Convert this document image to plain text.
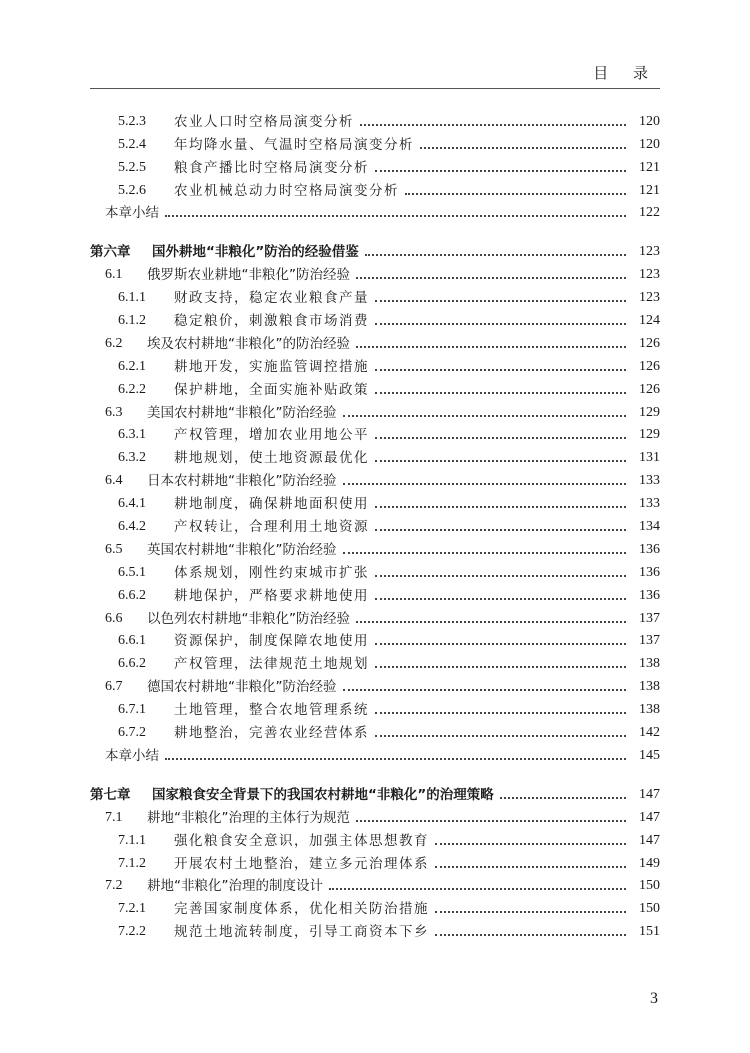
目 录
5.2.3	农业人口时空格局演变分析	120
5.2.4	年均降水量、气温时空格局演变分析	120
5.2.5	粮食产播比时空格局演变分析	121
5.2.6	农业机械总动力时空格局演变分析	121
本章小结	122
第六章	国外耕地“非粮化”防治的经验借鉴	123
6.1	俄罗斯农业耕地“非粮化”防治经验	123
6.1.1	财政支持，稳定农业粮食产量	123
6.1.2	稳定粮价，刺激粮食市场消费	124
6.2	埃及农村耕地“非粮化”的防治经验	126
6.2.1	耕地开发，实施监管调控措施	126
6.2.2	保护耕地，全面实施补贴政策	126
6.3	美国农村耕地“非粮化”防治经验	129
6.3.1	产权管理，增加农业用地公平	129
6.3.2	耕地规划，使土地资源最优化	131
6.4	日本农村耕地“非粮化”防治经验	133
6.4.1	耕地制度，确保耕地面积使用	133
6.4.2	产权转让，合理利用土地资源	134
6.5	英国农村耕地“非粮化”防治经验	136
6.5.1	体系规划，刚性约束城市扩张	136
6.6.2	耕地保护，严格要求耕地使用	136
6.6	以色列农村耕地“非粮化”防治经验	137
6.6.1	资源保护，制度保障农地使用	137
6.6.2	产权管理，法律规范土地规划	138
6.7	德国农村耕地“非粮化”防治经验	138
6.7.1	土地管理，整合农地管理系统	138
6.7.2	耕地整治，完善农业经营体系	142
本章小结	145
第七章	国家粮食安全背景下的我国农村耕地“非粮化”的治理策略	147
7.1	耕地“非粮化”治理的主体行为规范	147
7.1.1	强化粮食安全意识，加强主体思想教育	147
7.1.2	开展农村土地整治，建立多元治理体系	149
7.2	耕地“非粮化”治理的制度设计	150
7.2.1	完善国家制度体系，优化相关防治措施	150
7.2.2	规范土地流转制度，引导工商资本下乡	151
3
